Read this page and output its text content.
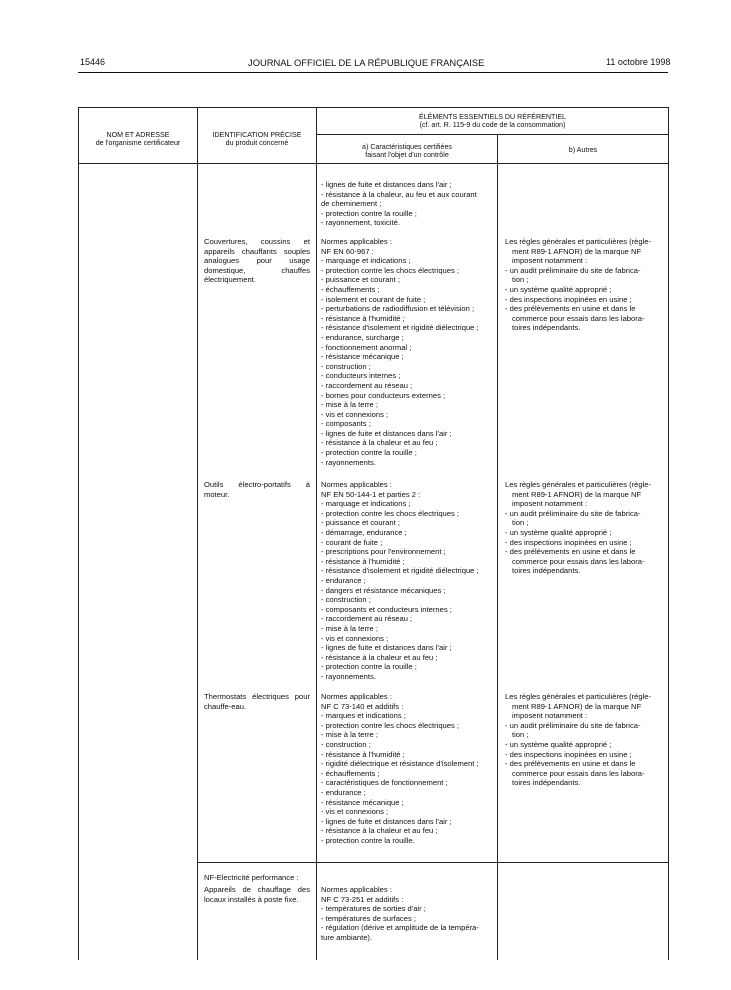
15446	JOURNAL OFFICIEL DE LA RÉPUBLIQUE FRANÇAISE	11 octobre 1998
NOM ET ADRESSE
de l'organisme certificateur
IDENTIFICATION PRÉCISE
du produit concerné
ÉLÉMENTS ESSENTIELS DU RÉFÉRENTIEL
(cf. art. R. 115-9 du code de la consommation)
a) Caractéristiques certifiées
faisant l'objet d'un contrôle
b) Autres
- lignes de fuite et distances dans l'air ;
- résistance à la chaleur, au feu et aux courant
de cheminement ;
- protection contre la rouille ;
- rayonnement, toxicité.
Couvertures, coussins et appareils chauffants souples analogues pour usage domestique, chauffes électriquement.
Normes applicables :
NF EN 60-967 :
- marquage et indications ;
- protection contre les chocs électriques ;
- puissance et courant ;
- échauffements ;
- isolement et courant de fuite ;
- perturbations de radiodiffusion et télévision ;
- résistance à l'humidité ;
- résistance d'isolement et rigidité diélectrique ;
- endurance, surcharge ;
- fonctionnement anormal ;
- résistance mécanique ;
- construction ;
- conducteurs internes ;
- raccordement au réseau ;
- bornes pour conducteurs externes ;
- mise à la terre ;
- vis et connexions ;
- composants ;
- lignes de fuite et distances dans l'air ;
- résistance à la chaleur et au feu ;
- protection contre la rouille ;
- rayonnements.
Les règles générales et particulières (règle-
ment R89-1 AFNOR) de la marque NF
imposent notamment :
- un audit préliminaire du site de fabrica-
tion ;
- un système qualité approprié ;
- des inspections inopinées en usine ;
- des prélèvements en usine et dans le
commerce pour essais dans les labora-
toires indépendants.
Outils électro-portatifs à moteur.
Normes applicables :
NF EN 50-144-1 et parties 2 :
- marquage et indications ;
- protection contre les chocs électriques ;
- puissance et courant ;
- démarrage, endurance ;
- courant de fuite ;
- prescriptions pour l'environnement ;
- résistance à l'humidité ;
- résistance d'isolement et rigidité diélectrique ;
- endurance ;
- dangers et résistance mécaniques ;
- construction ;
- composants et conducteurs internes ;
- raccordement au réseau ;
- mise à la terre ;
- vis et connexions ;
- lignes de fuite et distances dans l'air ;
- résistance à la chaleur et au feu ;
- protection contre la rouille ;
- rayonnements.
Les règles générales et particulières (règle-
ment R89-1 AFNOR) de la marque NF
imposent notamment :
- un audit préliminaire du site de fabrica-
tion ;
- un système qualité approprié ;
- des inspections inopinées en usine ;
- des prélèvements en usine et dans le
commerce pour essais dans les labora-
toires indépendants.
Thermostats électriques pour chauffe-eau.
Normes applicables :
NF C 73-140 et additifs :
- marques et indications ;
- protection contre les chocs électriques ;
- mise à la terre ;
- construction ;
- résistance à l'humidité ;
- rigidité diélectrique et résistance d'isolement ;
- échauffements ;
- caractéristiques de fonctionnement ;
- endurance ;
- résistance mécanique ;
- vis et connexions ;
- lignes de fuite et distances dans l'air ;
- résistance à la chaleur et au feu ;
- protection contre la rouille.
Les règles générales et particulières (règle-
ment R89-1 AFNOR) de la marque NF
imposent notamment :
- un audit préliminaire du site de fabrica-
tion ;
- un système qualité approprié ;
- des inspections inopinées en usine ;
- des prélèvements en usine et dans le
commerce pour essais dans les labora-
toires indépendants.
NF-Electricité performance :
Appareils de chauffage des locaux installés à poste fixe.
Normes applicables :
NF C 73-251 et additifs :
- températures de sorties d'air ;
- températures de surfaces ;
- régulation (dérive et amplitude de la tempéra-
ture ambiante).
